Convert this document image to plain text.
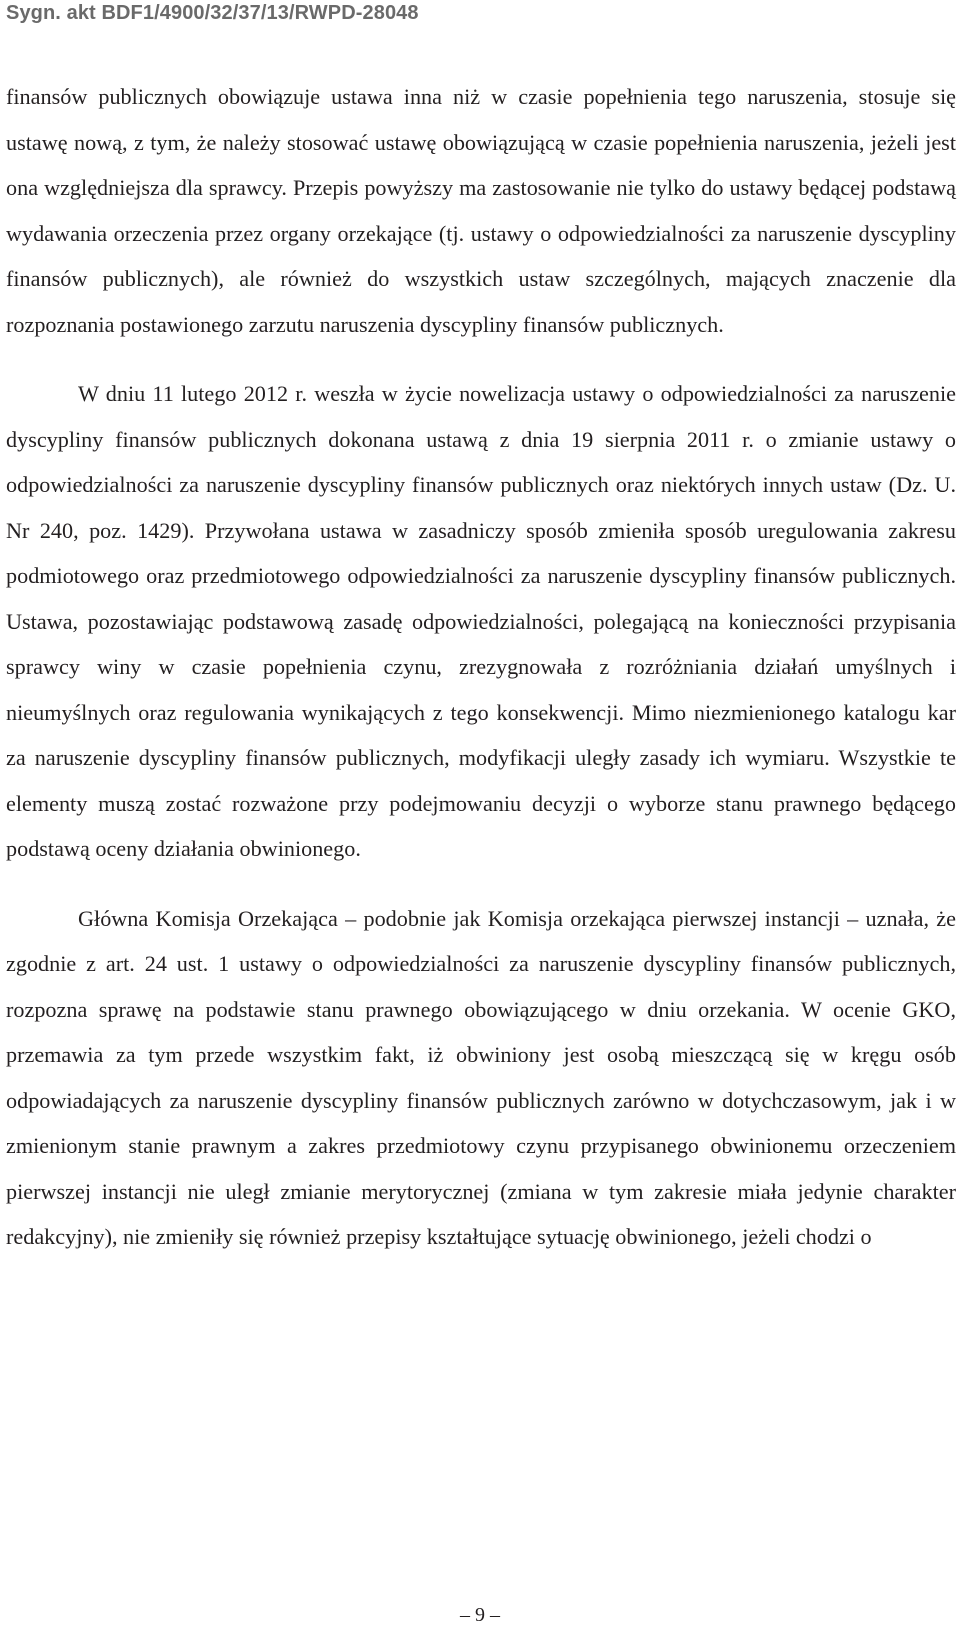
Sygn. akt BDF1/4900/32/37/13/RWPD-28048

finansów publicznych obowiązuje ustawa inna niż w czasie popełnienia tego naruszenia, stosuje się ustawę nową, z tym, że należy stosować ustawę obowiązującą w czasie popełnienia naruszenia, jeżeli jest ona względniejsza dla sprawcy. Przepis powyższy ma zastosowanie nie tylko do ustawy będącej podstawą wydawania orzeczenia przez organy orzekające (tj. ustawy o odpowiedzialności za naruszenie dyscypliny finansów publicznych), ale również do wszystkich ustaw szczególnych, mających znaczenie dla rozpoznania postawionego zarzutu naruszenia dyscypliny finansów publicznych.

W dniu 11 lutego 2012 r. weszła w życie nowelizacja ustawy o odpowiedzialności za naruszenie dyscypliny finansów publicznych dokonana ustawą z dnia 19 sierpnia 2011 r. o zmianie ustawy o odpowiedzialności za naruszenie dyscypliny finansów publicznych oraz niektórych innych ustaw (Dz. U. Nr 240, poz. 1429). Przywołana ustawa w zasadniczy sposób zmieniła sposób uregulowania zakresu podmiotowego oraz przedmiotowego odpowiedzialności za naruszenie dyscypliny finansów publicznych. Ustawa, pozostawiając podstawową zasadę odpowiedzialności, polegającą na konieczności przypisania sprawcy winy w czasie popełnienia czynu, zrezygnowała z rozróżniania działań umyślnych i nieumyślnych oraz regulowania wynikających z tego konsekwencji. Mimo niezmienionego katalogu kar za naruszenie dyscypliny finansów publicznych, modyfikacji uległy zasady ich wymiaru. Wszystkie te elementy muszą zostać rozważone przy podejmowaniu decyzji o wyborze stanu prawnego będącego podstawą oceny działania obwinionego.

Główna Komisja Orzekająca – podobnie jak Komisja orzekająca pierwszej instancji – uznała, że zgodnie z art. 24 ust. 1 ustawy o odpowiedzialności za naruszenie dyscypliny finansów publicznych, rozpozna sprawę na podstawie stanu prawnego obowiązującego w dniu orzekania. W ocenie GKO, przemawia za tym przede wszystkim fakt, iż obwiniony jest osobą mieszczącą się w kręgu osób odpowiadających za naruszenie dyscypliny finansów publicznych zarówno w dotychczasowym, jak i w zmienionym stanie prawnym a zakres przedmiotowy czynu przypisanego obwinionemu orzeczeniem pierwszej instancji nie uległ zmianie merytorycznej (zmiana w tym zakresie miała jedynie charakter redakcyjny), nie zmieniły się również przepisy kształtujące sytuację obwinionego, jeżeli chodzi o

– 9 –
